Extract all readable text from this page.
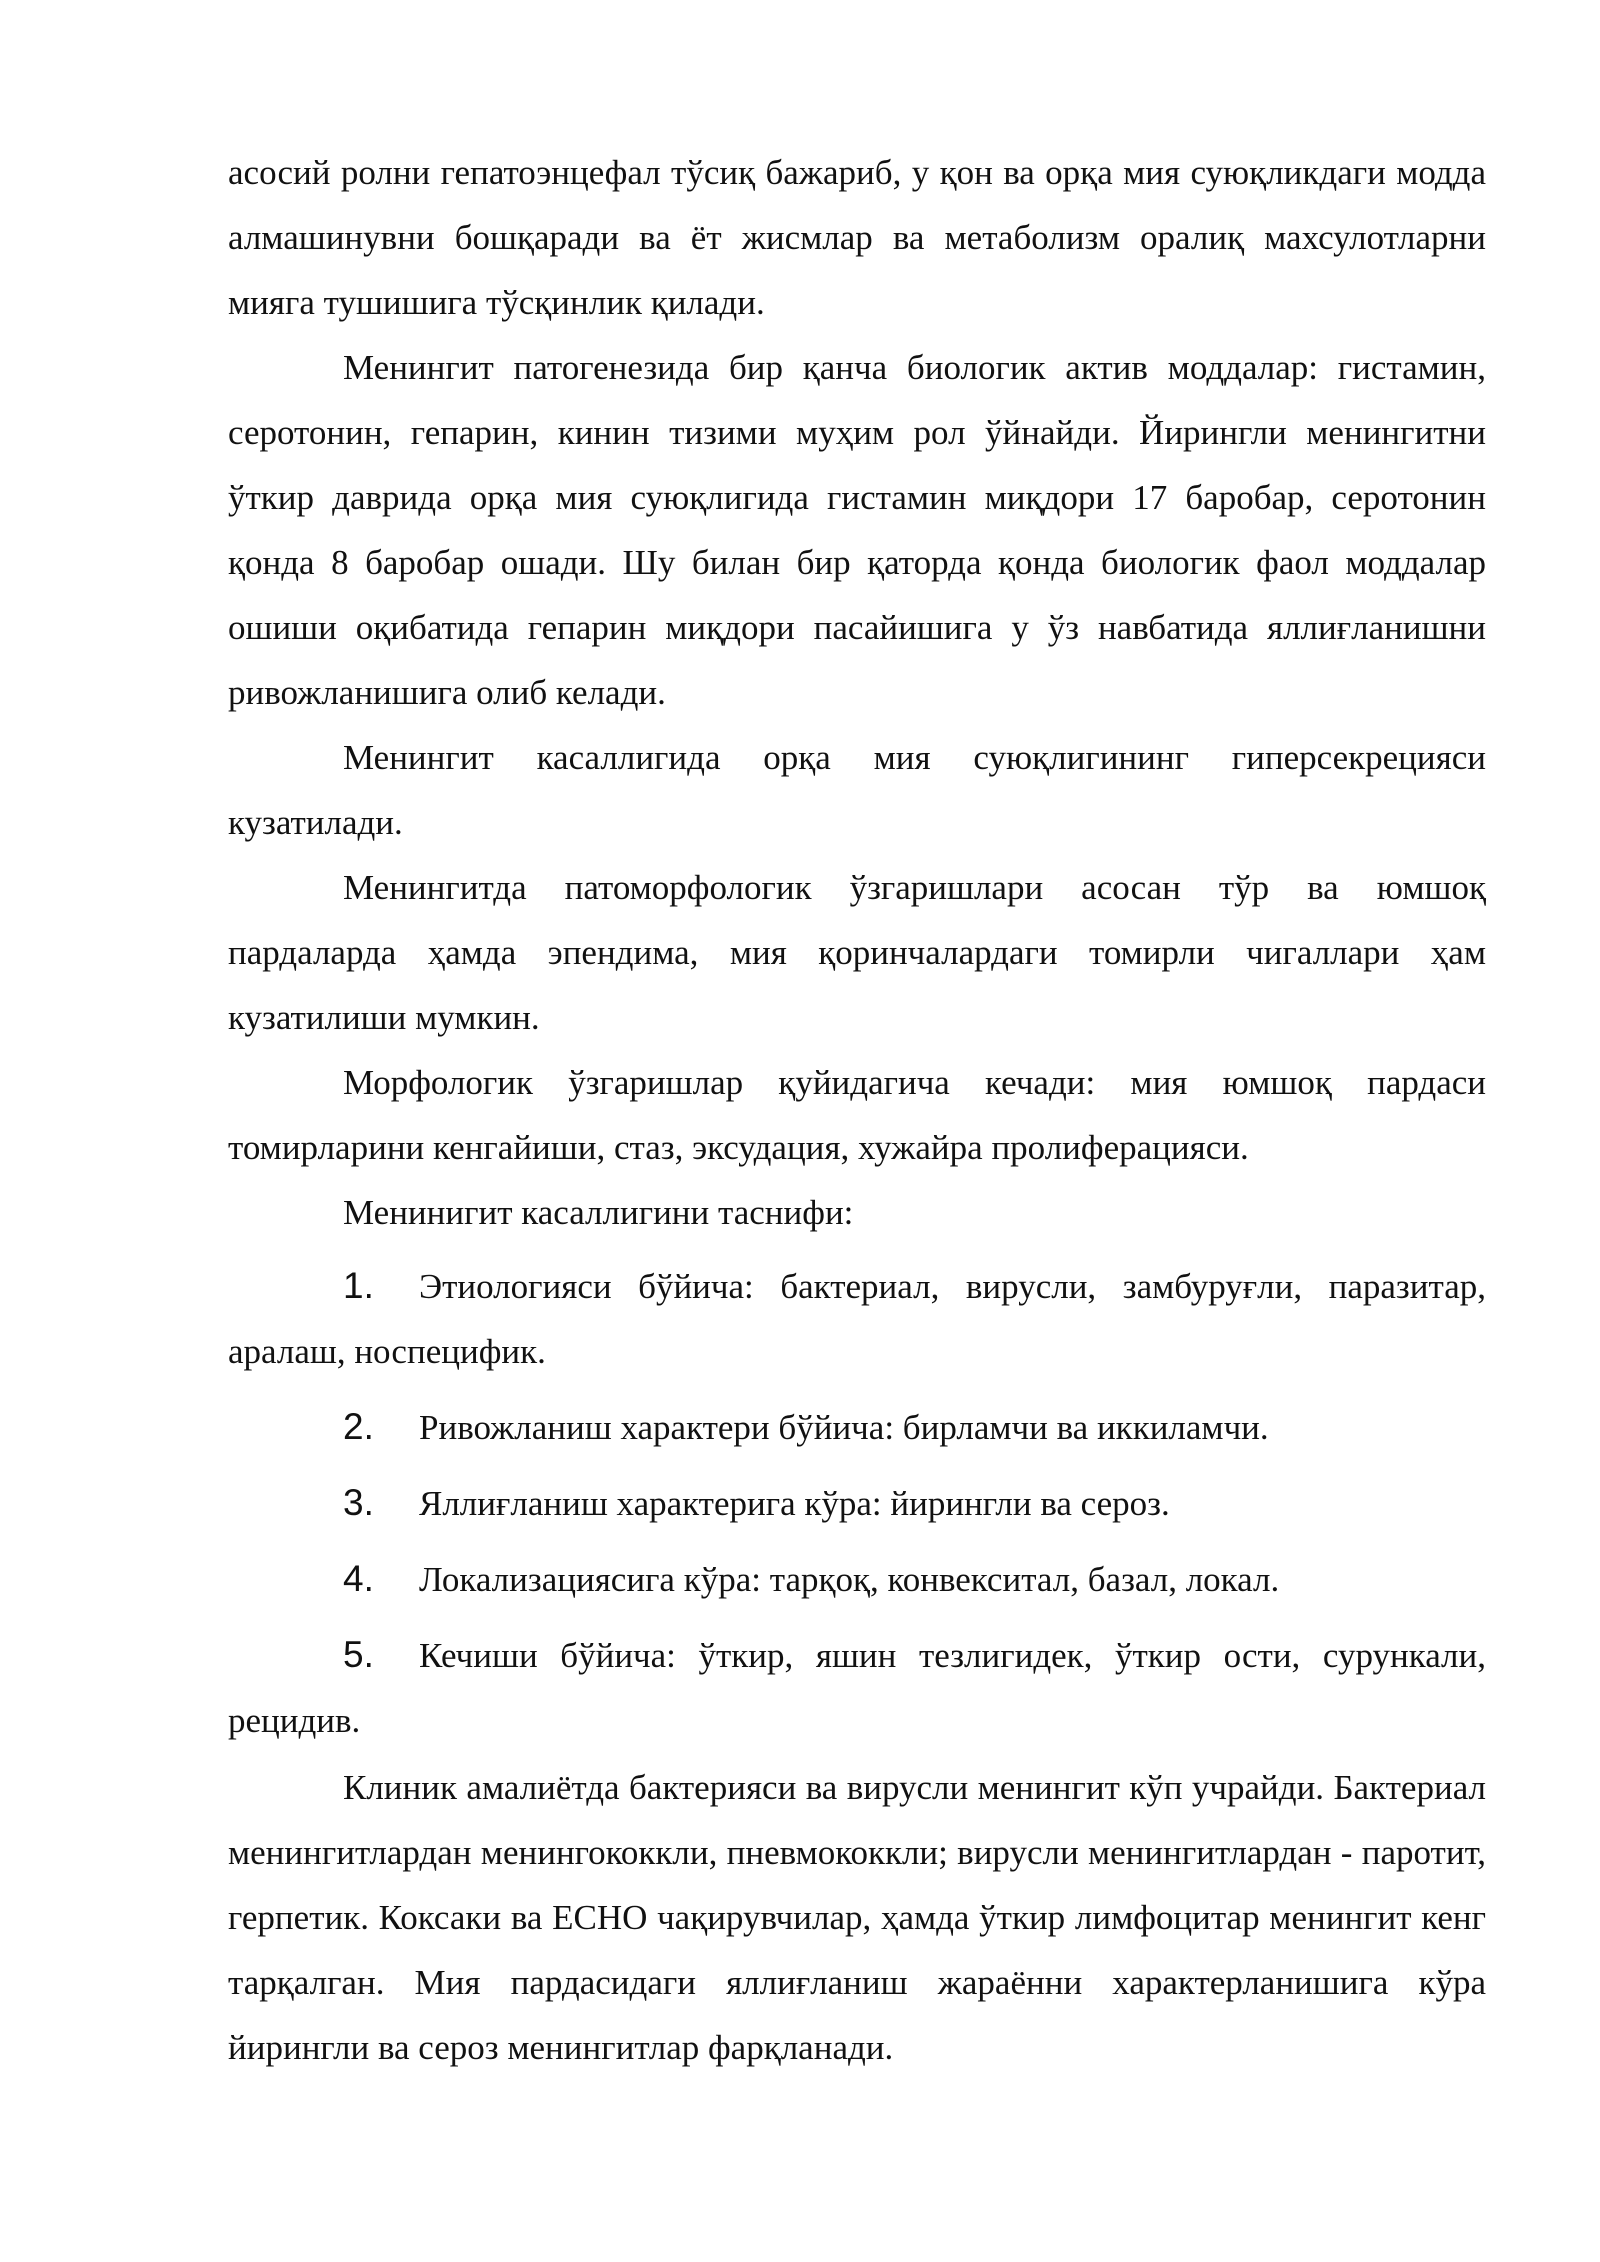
асосий ролни гепатоэнцефал тўсиқ бажариб, у қон ва орқа мия суюқликдаги модда алмашинувни бошқаради ва ёт жисмлар ва метаболизм оралиқ махсулотларни мияга тушишига тўсқинлик қилади.

Менингит патогенезида бир қанча биологик актив моддалар: гистамин, серотонин, гепарин, кинин тизими муҳим рол ўйнайди. Йирингли менингитни ўткир даврида орқа мия суюқлигида гистамин миқдори 17 баробар, серотонин қонда 8 баробар ошади. Шу билан бир қаторда қонда биологик фаол моддалар ошиши оқибатида гепарин миқдори пасайишига у ўз навбатида яллиғланишни ривожланишига олиб келади.

Менингит касаллигида орқа мия суюқлигининг гиперсекрецияси кузатилади.

Менингитда патоморфологик ўзгаришлари асосан тўр ва юмшоқ пардаларда ҳамда эпендима, мия қоринчалардаги томирли чигаллари ҳам кузатилиши мумкин.

Морфологик ўзгаришлар қуйидагича кечади: мия юмшоқ пардаси томирларини кенгайиши, стаз, эксудация, хужайра пролиферацияси.

Менинигит касаллигини таснифи:

1. Этиологияси бўйича: бактериал, вирусли, замбуруғли, паразитар, аралаш, носпецифик.

2. Ривожланиш характери бўйича: бирламчи ва иккиламчи.

3. Яллиғланиш характерига кўра: йирингли ва сероз.

4. Локализациясига кўра: тарқоқ, конвекситал, базал, локал.

5. Кечиши бўйича: ўткир, яшин тезлигидек, ўткир ости, сурункали, рецидив.

Клиник амалиётда бактерияси ва вирусли менингит кўп учрайди. Бактериал менингитлардан менингококкли, пневмококкли; вирусли менингитлардан - паротит, герпетик. Коксаки ва ЕСНО чақирувчилар, ҳамда ўткир лимфоцитар менингит кенг тарқалган. Мия пардасидаги яллиғланиш жараённи характерланишига кўра йирингли ва сероз менингитлар фарқланади.
